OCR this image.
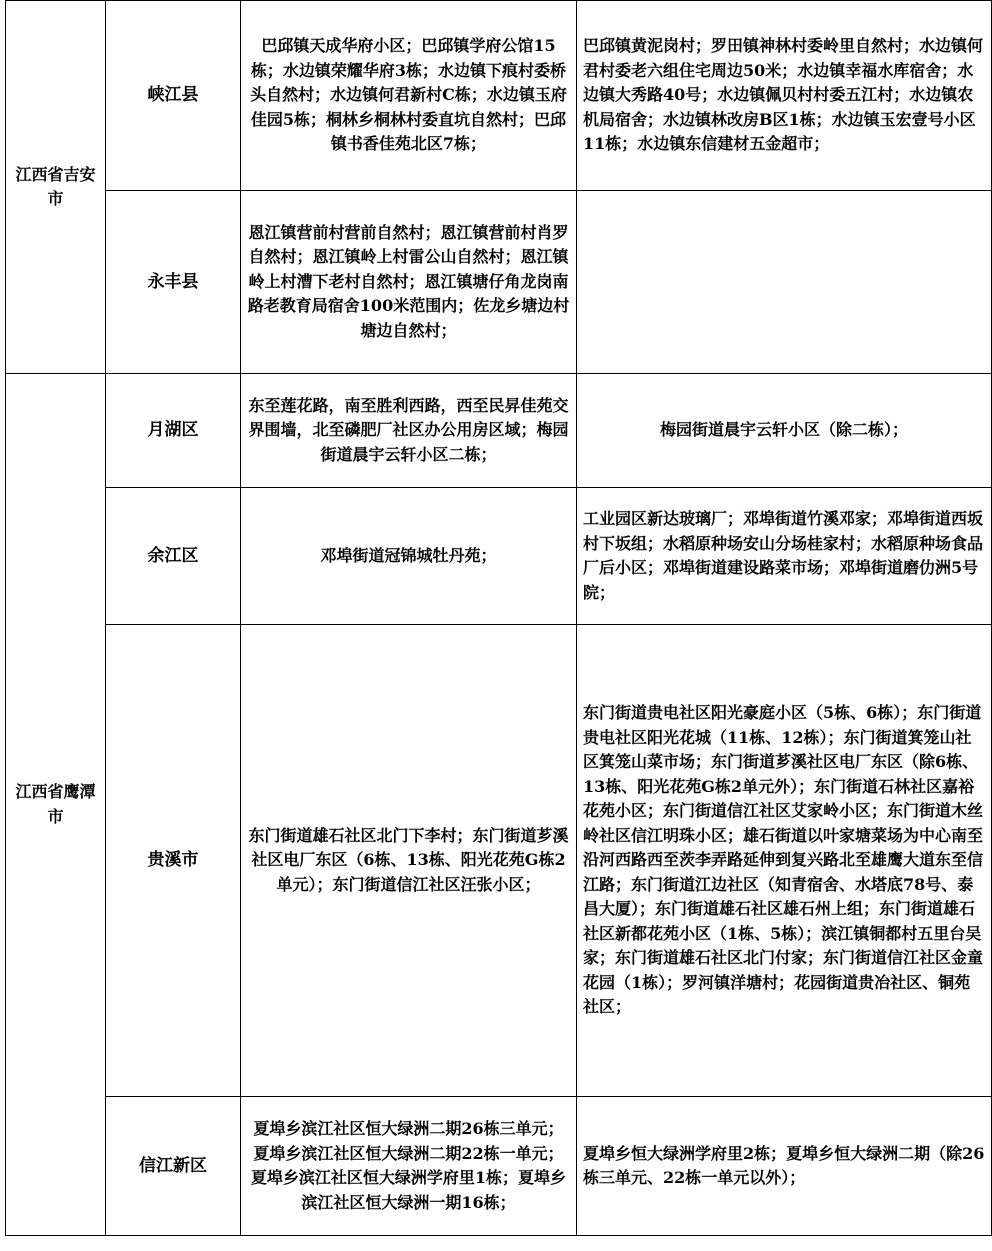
江西省吉安市	峡江县	巴邱镇天成华府小区；巴邱镇学府公馆15栋；水边镇荣耀华府3栋；水边镇下痕村委桥头自然村；水边镇何君新村C栋；水边镇玉府佳园5栋；桐林乡桐林村委直坑自然村；巴邱镇书香佳苑北区7栋；	巴邱镇黄泥岗村；罗田镇神林村委岭里自然村；水边镇何君村委老六组住宅周边50米；水边镇幸福水库宿舍；水边镇大秀路40号；水边镇佩贝村村委五江村；水边镇农机局宿舍；水边镇林改房B区1栋；水边镇玉宏壹号小区11栋；水边镇东信建材五金超市；
	永丰县	恩江镇营前村营前自然村；恩江镇营前村肖罗自然村；恩江镇岭上村雷公山自然村；恩江镇岭上村漕下老村自然村；恩江镇塘仔角龙岗南路老教育局宿舍100米范围内；佐龙乡塘边村塘边自然村；	
江西省鹰潭市	月湖区	东至莲花路，南至胜利西路，西至民昇佳苑交界围墙，北至磷肥厂社区办公用房区域；梅园街道晨宇云轩小区二栋；	梅园街道晨宇云轩小区（除二栋）；
	余江区	邓埠街道冠锦城牡丹苑；	工业园区新达玻璃厂；邓埠街道竹溪邓家；邓埠街道西坂村下坂组；水稻原种场安山分场桂家村；水稻原种场食品厂后小区；邓埠街道建设路菜市场；邓埠街道磨仂洲5号院；
	贵溪市	东门街道雄石社区北门下李村；东门街道芗溪社区电厂东区（6栋、13栋、阳光花苑G栋2单元）；东门街道信江社区汪张小区；	东门街道贵电社区阳光豪庭小区（5栋、6栋）；东门街道贵电社区阳光花城（11栋、12栋）；东门街道箕笼山社区箕笼山菜市场；东门街道芗溪社区电厂东区（除6栋、13栋、阳光花苑G栋2单元外）；东门街道石林社区嘉裕花苑小区；东门街道信江社区艾家岭小区；东门街道木丝岭社区信江明珠小区；雄石街道以叶家塘菜场为中心南至沿河西路西至茨李弄路延伸到复兴路北至雄鹰大道东至信江路；东门街道江边社区（知青宿舍、水塔底78号、泰昌大厦）；东门街道雄石社区雄石州上组；东门街道雄石社区新都花苑小区（1栋、5栋）；滨江镇铜都村五里台吴家；东门街道雄石社区北门付家；东门街道信江社区金童花园（1栋）；罗河镇洋塘村；花园街道贵冶社区、铜苑社区；
	信江新区	夏埠乡滨江社区恒大绿洲二期26栋三单元；夏埠乡滨江社区恒大绿洲二期22栋一单元；夏埠乡滨江社区恒大绿洲学府里1栋；夏埠乡滨江社区恒大绿洲一期16栋；	夏埠乡恒大绿洲学府里2栋；夏埠乡恒大绿洲二期（除26栋三单元、22栋一单元以外）；
